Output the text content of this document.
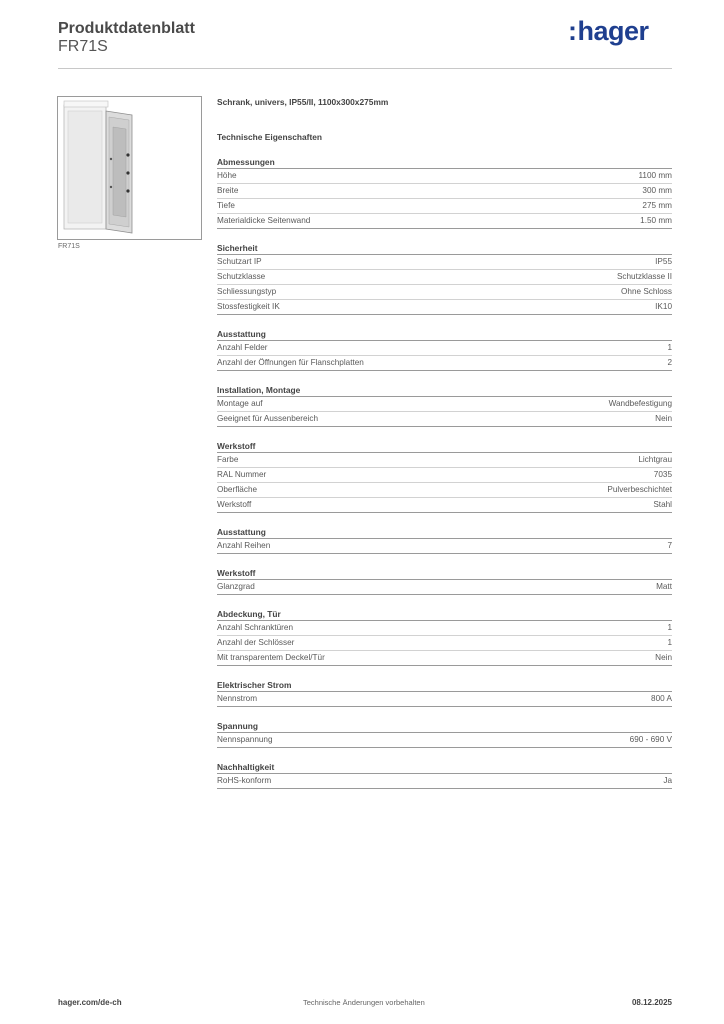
Produktdatenblatt
FR71S
:hager
FR71S
Schrank, univers, IP55/II, 1100x300x275mm
Technische Eigenschaften
Abmessungen
Höhe	1100 mm
Breite	300 mm
Tiefe	275 mm
Materialdicke Seitenwand	1.50 mm
Sicherheit
Schutzart IP	IP55
Schutzklasse	Schutzklasse II
Schliessungstyp	Ohne Schloss
Stossfestigkeit IK	IK10
Ausstattung
Anzahl Felder	1
Anzahl der Öffnungen für Flanschplatten	2
Installation, Montage
Montage auf	Wandbefestigung
Geeignet für Aussenbereich	Nein
Werkstoff
Farbe	Lichtgrau
RAL Nummer	7035
Oberfläche	Pulverbeschichtet
Werkstoff	Stahl
Ausstattung
Anzahl Reihen	7
Werkstoff
Glanzgrad	Matt
Abdeckung, Tür
Anzahl Schranktüren	1
Anzahl der Schlösser	1
Mit transparentem Deckel/Tür	Nein
Elektrischer Strom
Nennstrom	800 A
Spannung
Nennspannung	690 - 690 V
Nachhaltigkeit
RoHS-konform	Ja
hager.com/de-ch	Technische Änderungen vorbehalten	08.12.2025
